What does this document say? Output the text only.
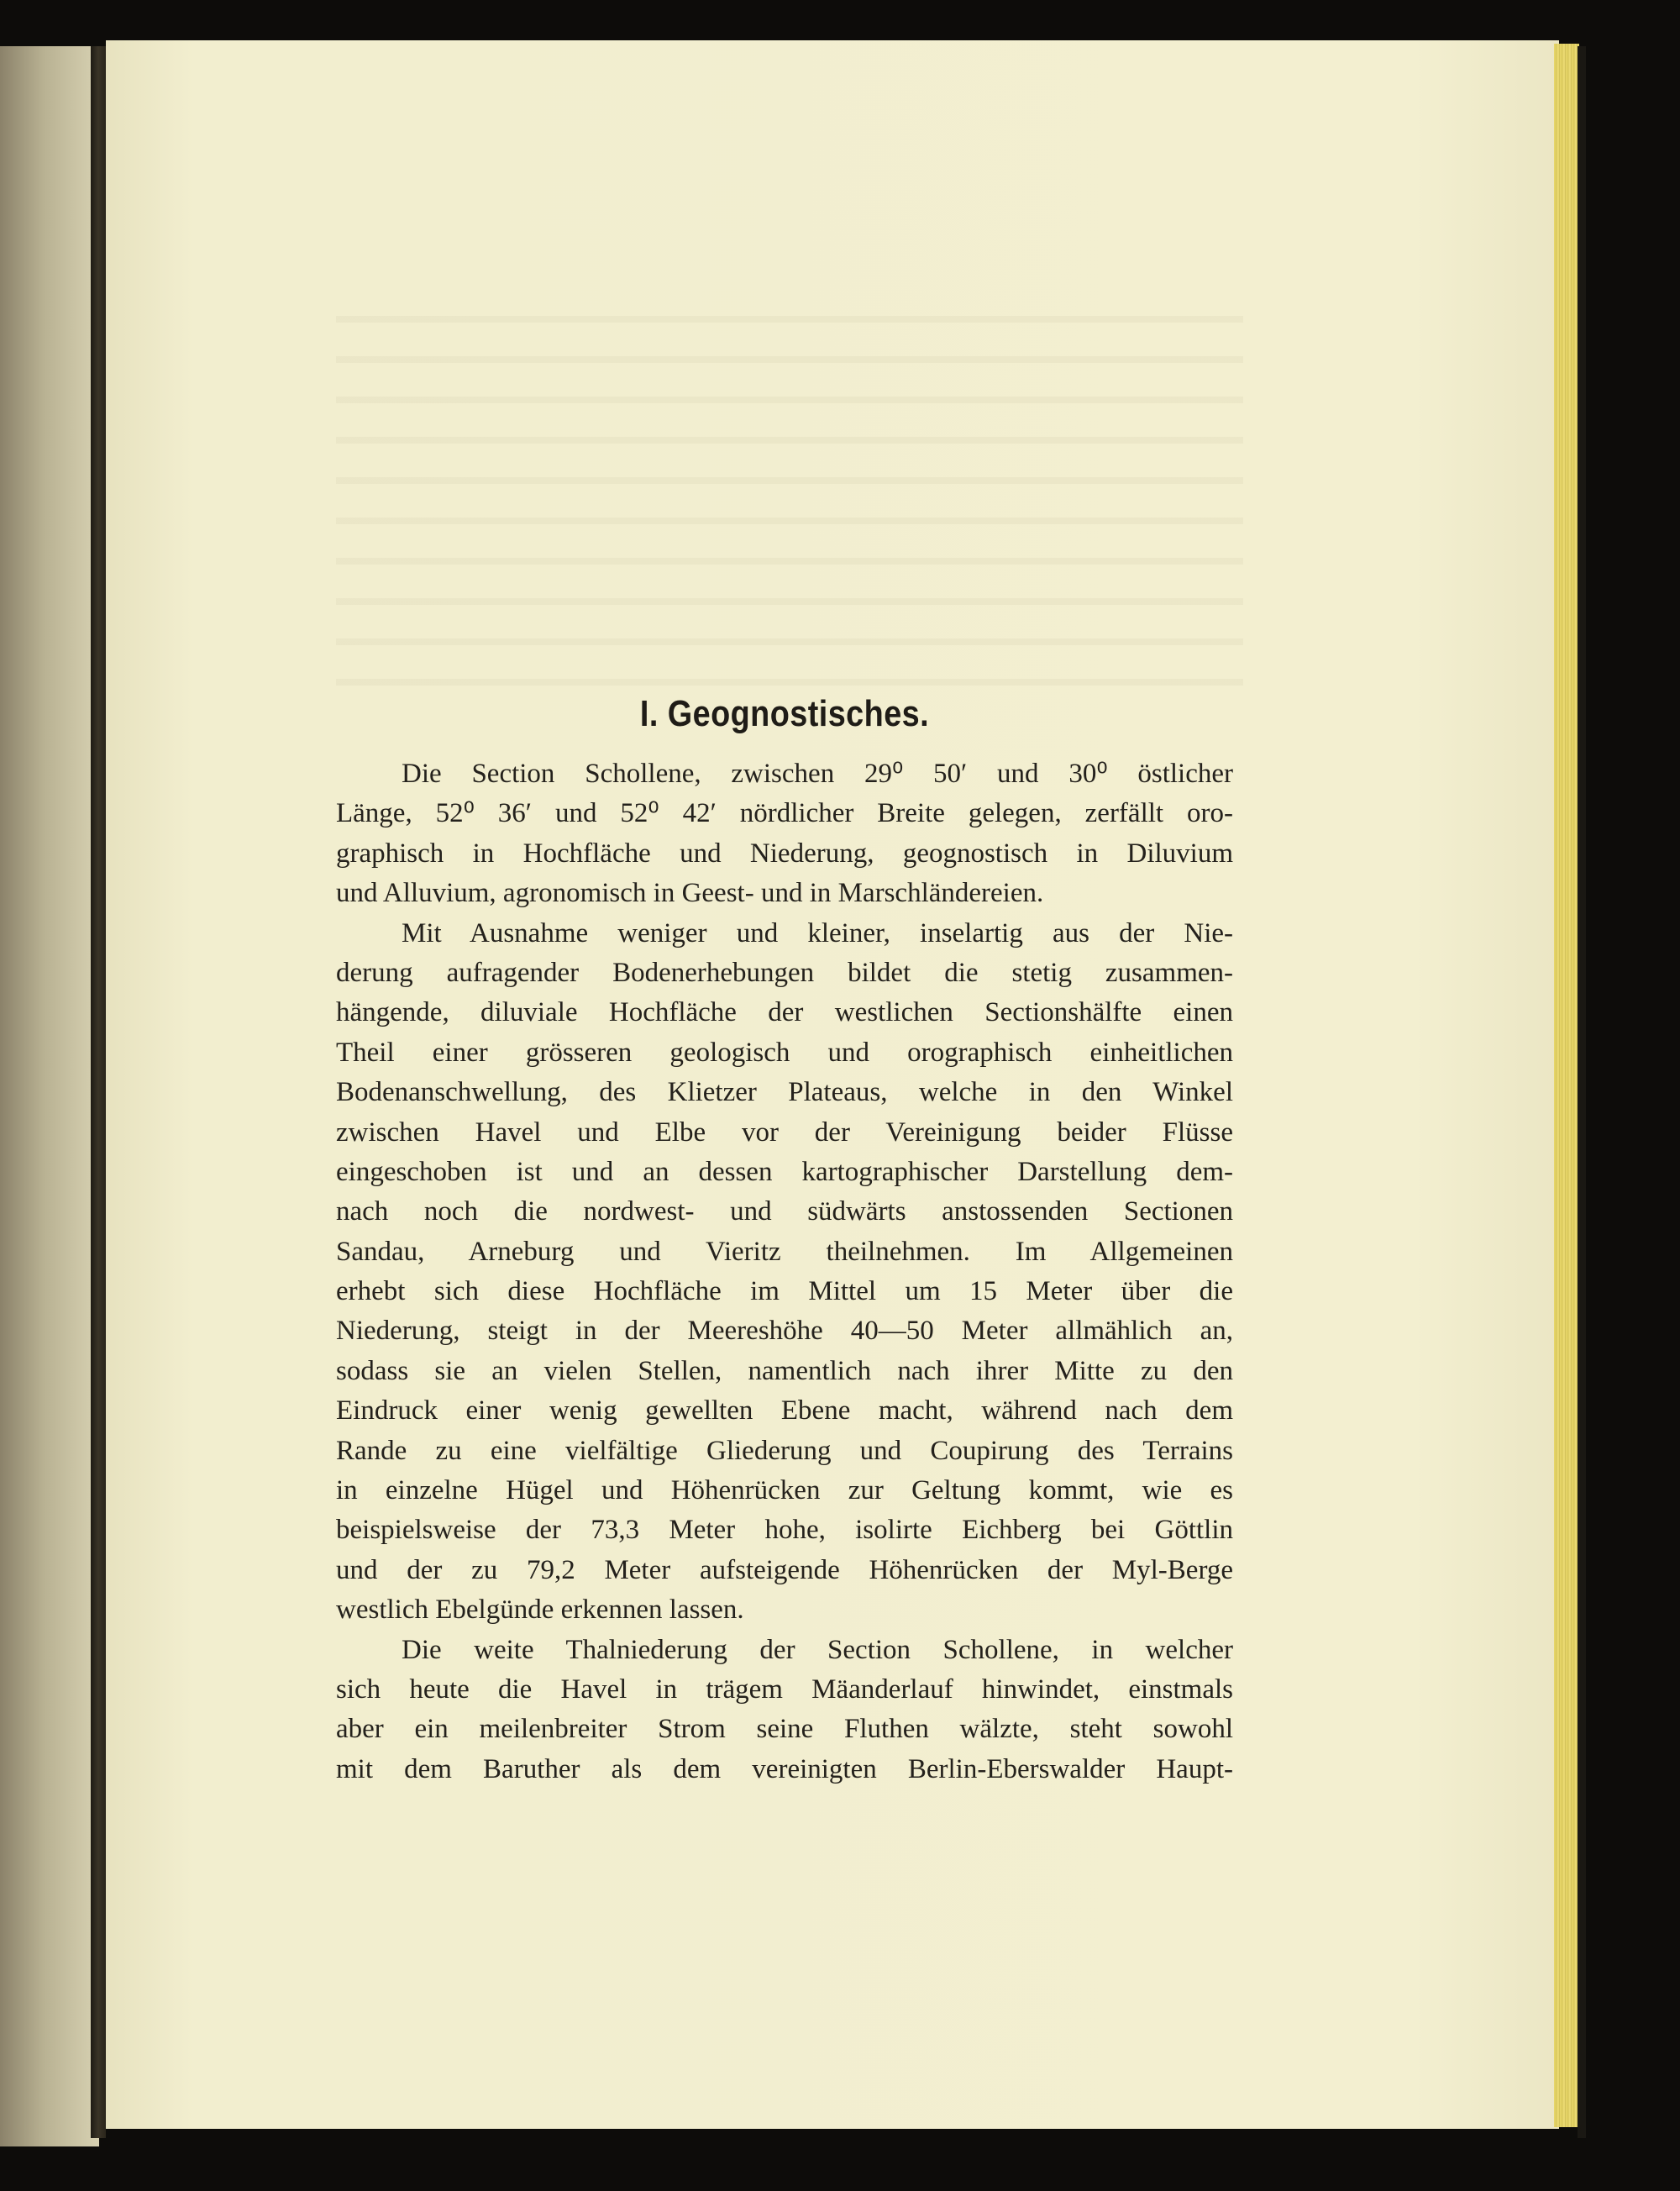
I. Geognostisches.
Die Section Schollene, zwischen 29⁰ 50′ und 30⁰ östlicher
Länge, 52⁰ 36′ und 52⁰ 42′ nördlicher Breite gelegen, zerfällt oro-
graphisch in Hochfläche und Niederung, geognostisch in Diluvium
und Alluvium, agronomisch in Geest- und in Marschländereien.
Mit Ausnahme weniger und kleiner, inselartig aus der Nie-
derung aufragender Bodenerhebungen bildet die stetig zusammen-
hängende, diluviale Hochfläche der westlichen Sectionshälfte einen
Theil einer grösseren geologisch und orographisch einheitlichen
Bodenanschwellung, des Klietzer Plateaus, welche in den Winkel
zwischen Havel und Elbe vor der Vereinigung beider Flüsse
eingeschoben ist und an dessen kartographischer Darstellung dem-
nach noch die nordwest- und südwärts anstossenden Sectionen
Sandau, Arneburg und Vieritz theilnehmen. Im Allgemeinen
erhebt sich diese Hochfläche im Mittel um 15 Meter über die
Niederung, steigt in der Meereshöhe 40—50 Meter allmählich an,
sodass sie an vielen Stellen, namentlich nach ihrer Mitte zu den
Eindruck einer wenig gewellten Ebene macht, während nach dem
Rande zu eine vielfältige Gliederung und Coupirung des Terrains
in einzelne Hügel und Höhenrücken zur Geltung kommt, wie es
beispielsweise der 73,3 Meter hohe, isolirte Eichberg bei Göttlin
und der zu 79,2 Meter aufsteigende Höhenrücken der Myl-Berge
westlich Ebelgünde erkennen lassen.
Die weite Thalniederung der Section Schollene, in welcher
sich heute die Havel in trägem Mäanderlauf hinwindet, einstmals
aber ein meilenbreiter Strom seine Fluthen wälzte, steht sowohl
mit dem Baruther als dem vereinigten Berlin-Eberswalder Haupt-
